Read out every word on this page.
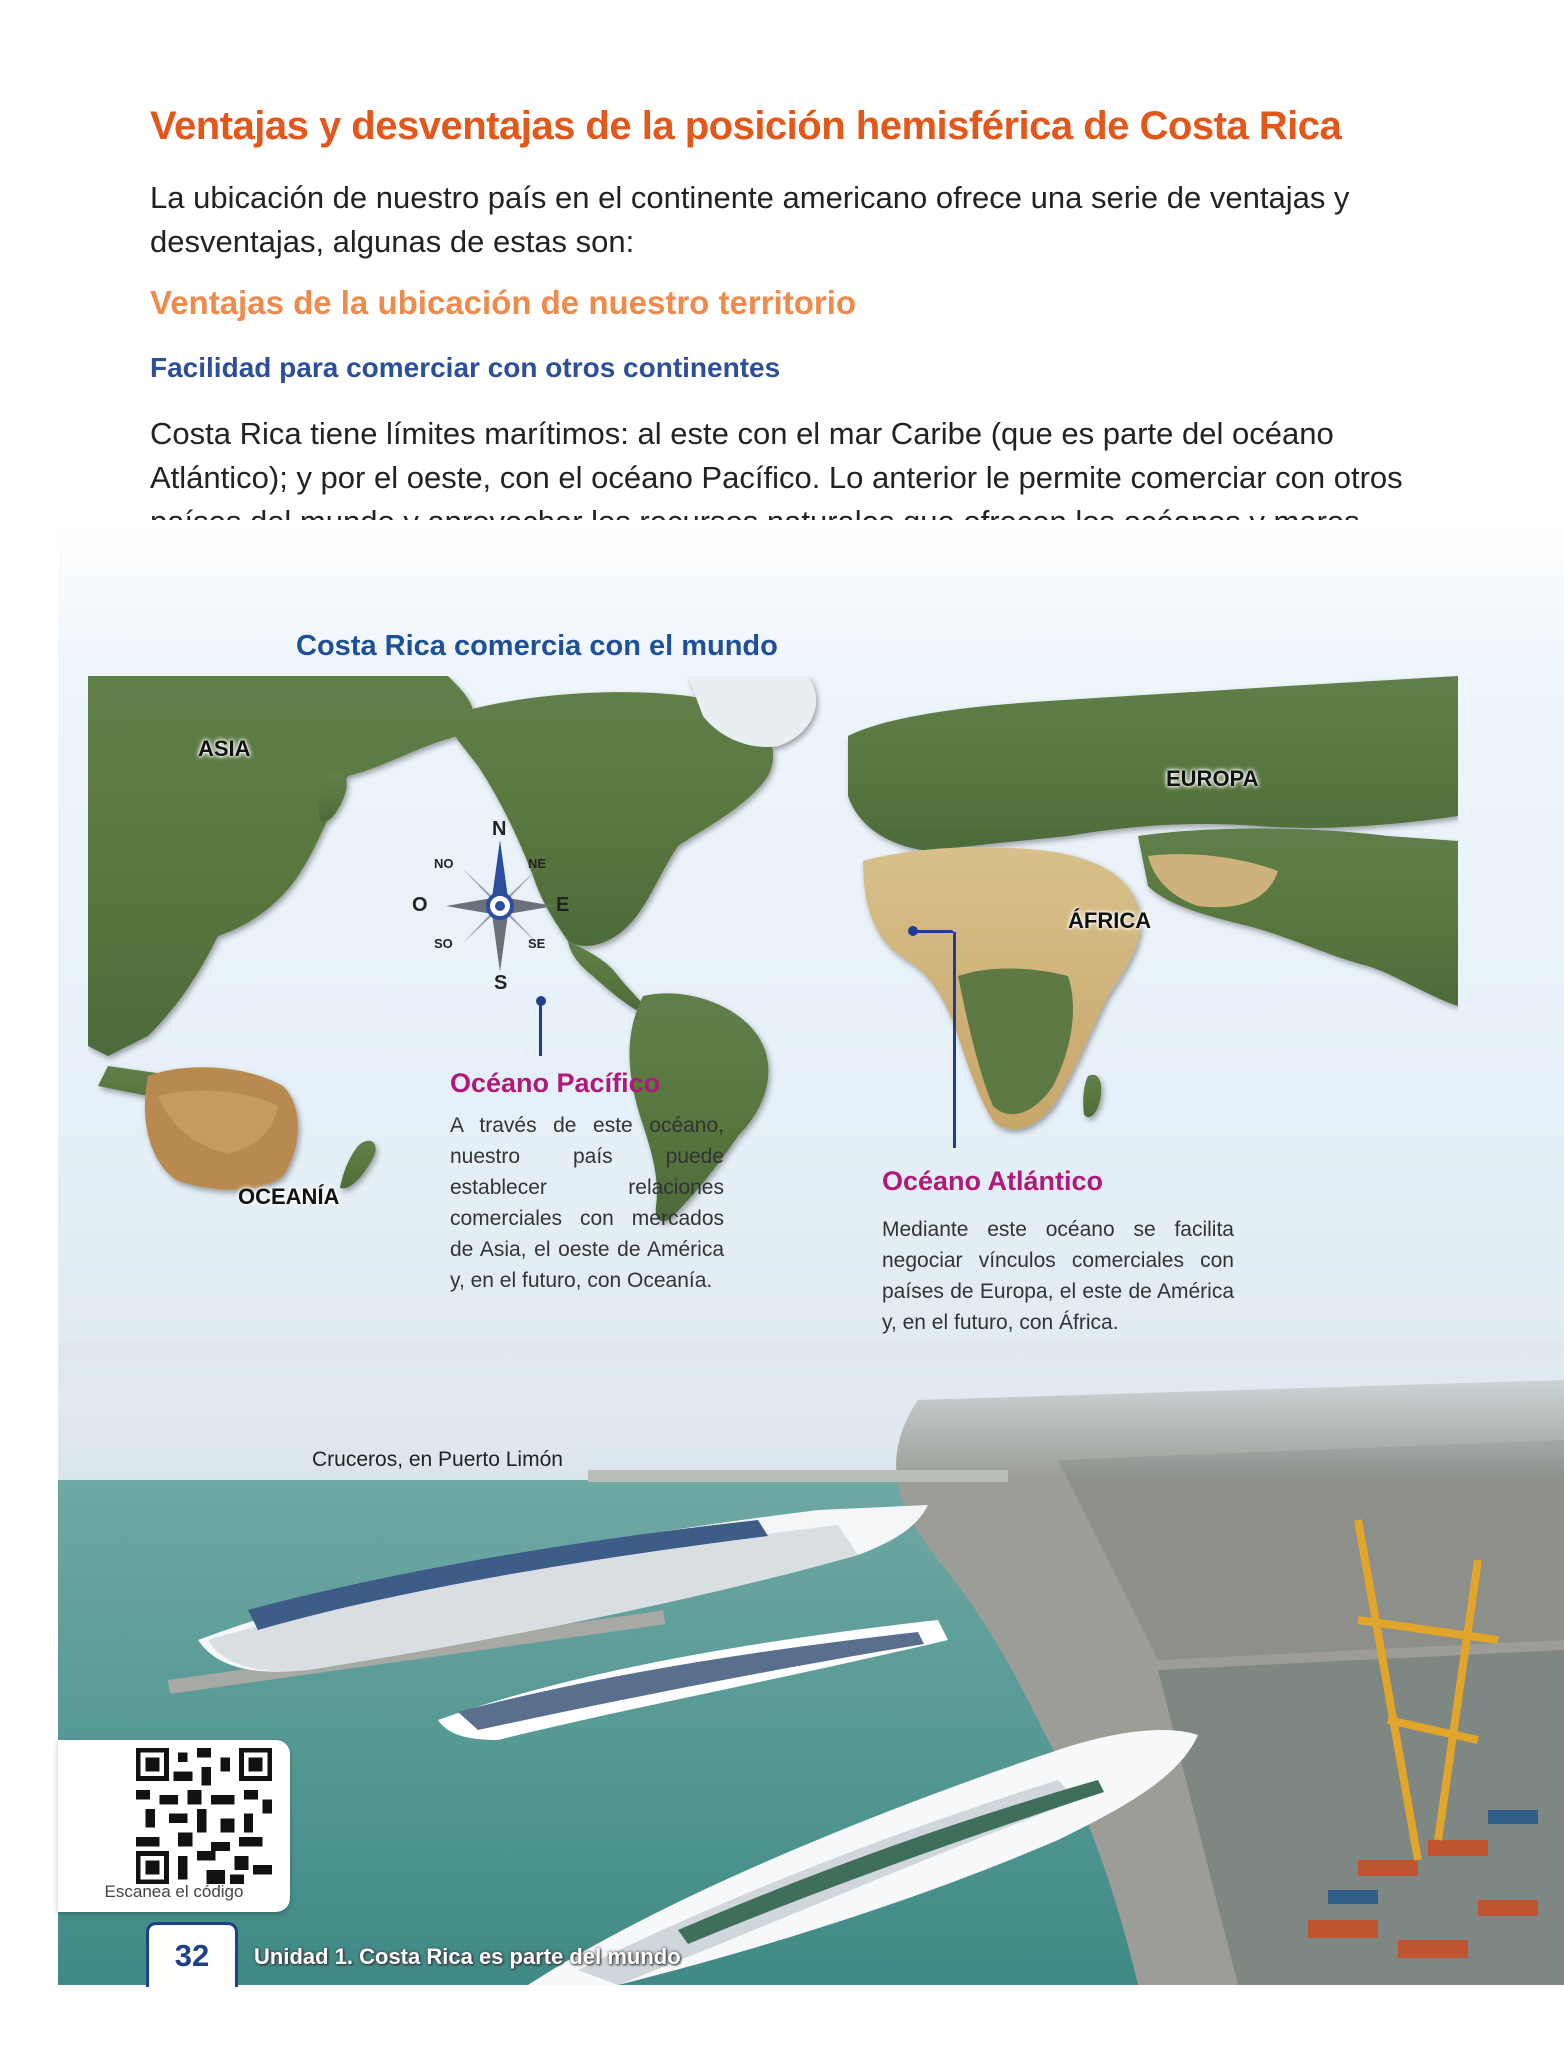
Ventajas y desventajas de la posición hemisférica de Costa Rica
La ubicación de nuestro país en el continente americano ofrece una serie de ventajas y desventajas, algunas de estas son:
Ventajas de la ubicación de nuestro territorio
Facilidad para comerciar con otros continentes
Costa Rica tiene límites marítimos: al este con el mar Caribe (que es parte del océano Atlántico); y por el oeste, con el océano Pacífico. Lo anterior le permite comerciar con otros
Costa Rica comercia con el mundo
ASIA
EUROPA
ÁFRICA
OCEANÍA
N
S
O	E
NO	NE
SO	SE
Océano Pacífico
A través de este océano, nuestro país puede establecer relaciones comerciales con mercados de Asia, el oeste de América y, en el futuro, con Oceanía.
Océano Atlántico
Mediante este océano se facilita negociar vínculos comerciales con países de Europa, el este de América y, en el futuro, con África.
Cruceros, en Puerto Limón
Escanea el código
32	Unidad 1. Costa Rica es parte del mundo
